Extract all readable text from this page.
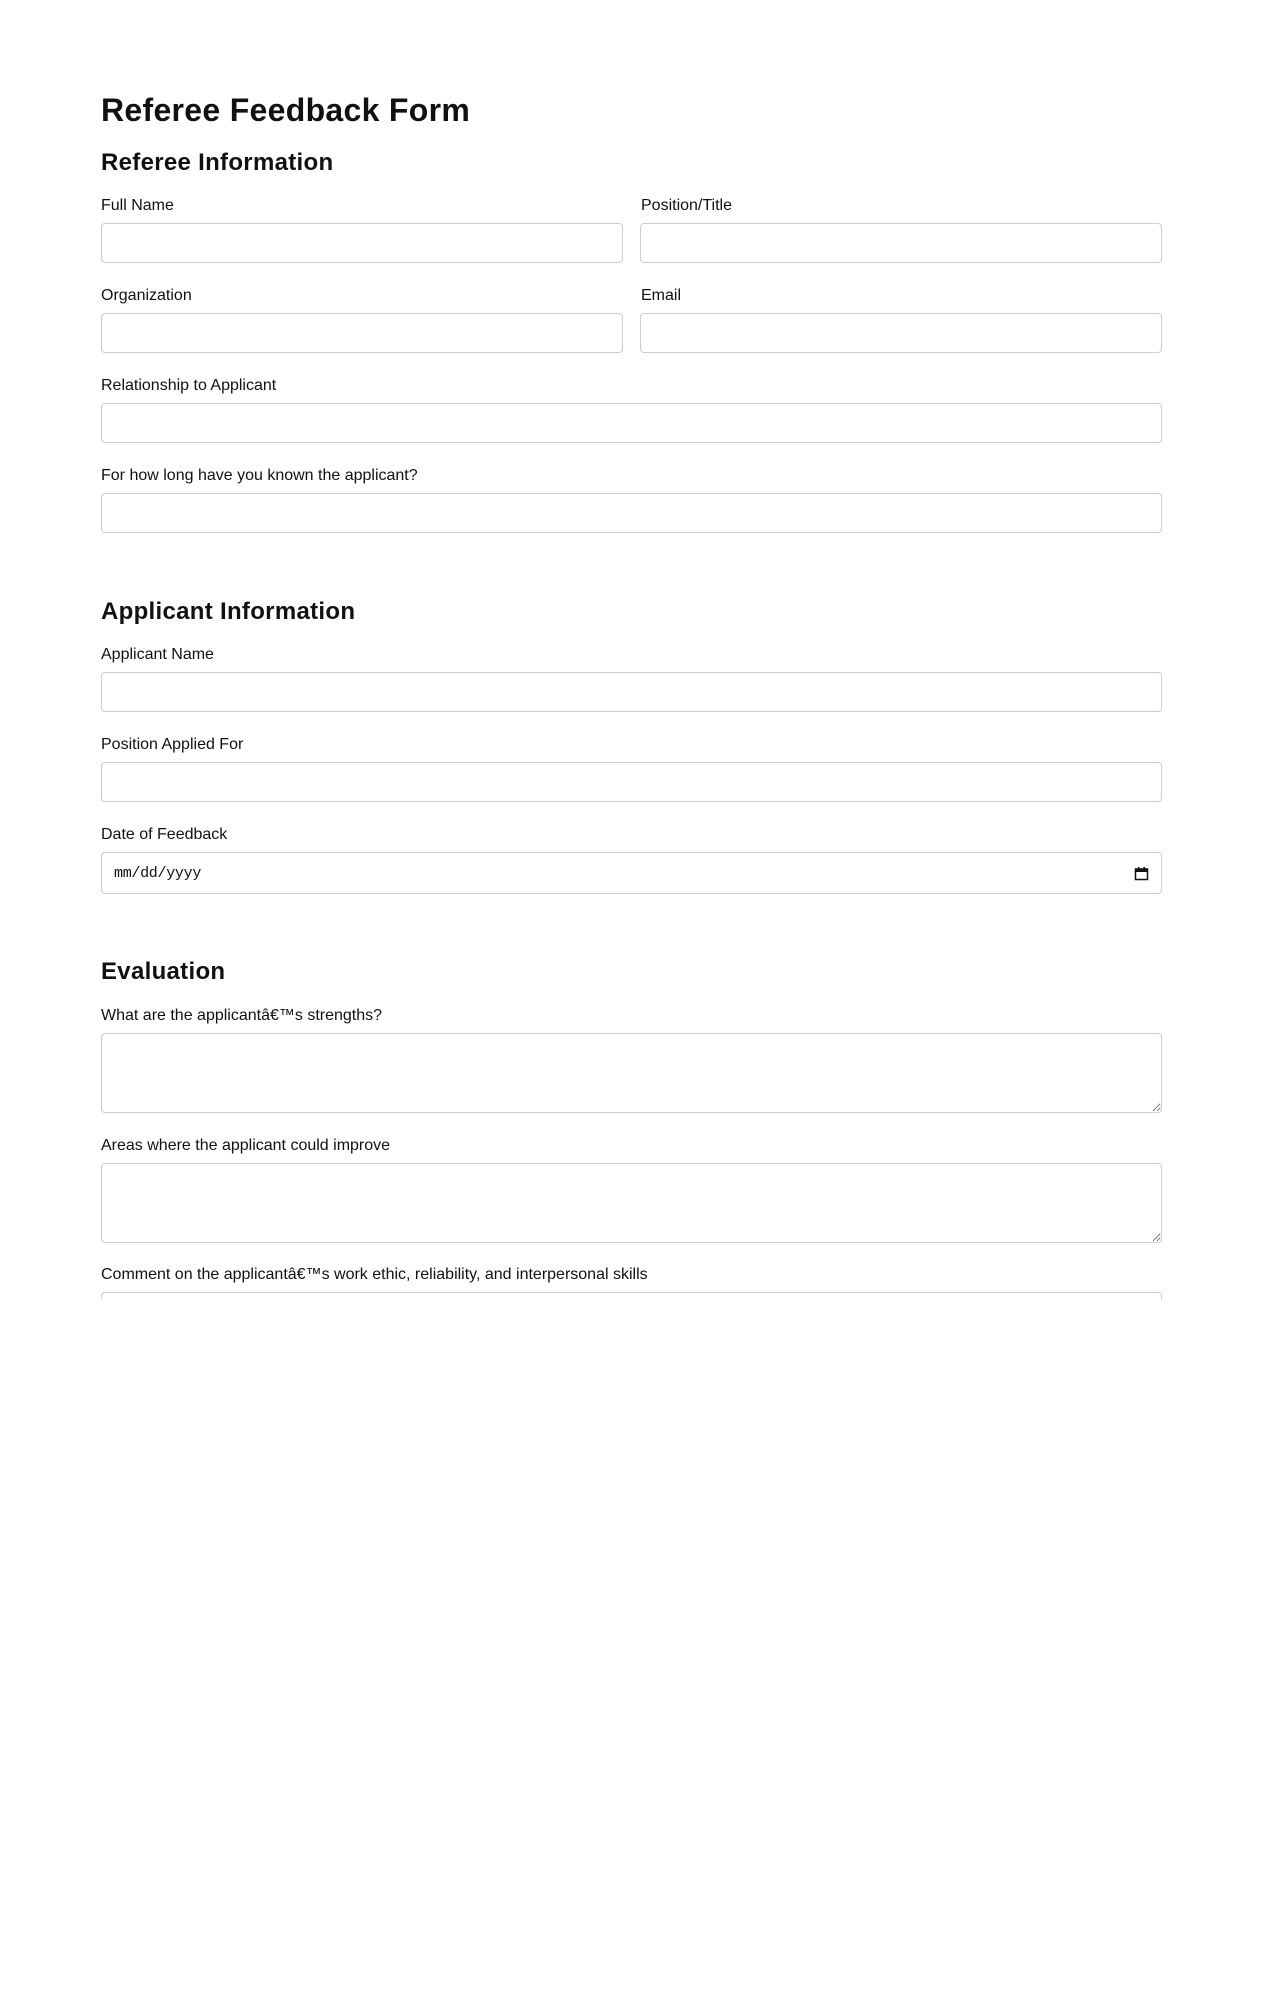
Referee Feedback Form
Referee Information
Full Name	Position/Title
Organization	Email
Relationship to Applicant
For how long have you known the applicant?
Applicant Information
Applicant Name
Position Applied For
Date of Feedback
mm/dd/yyyy
Evaluation
What are the applicantâ€™s strengths?
Areas where the applicant could improve
Comment on the applicantâ€™s work ethic, reliability, and interpersonal skills
